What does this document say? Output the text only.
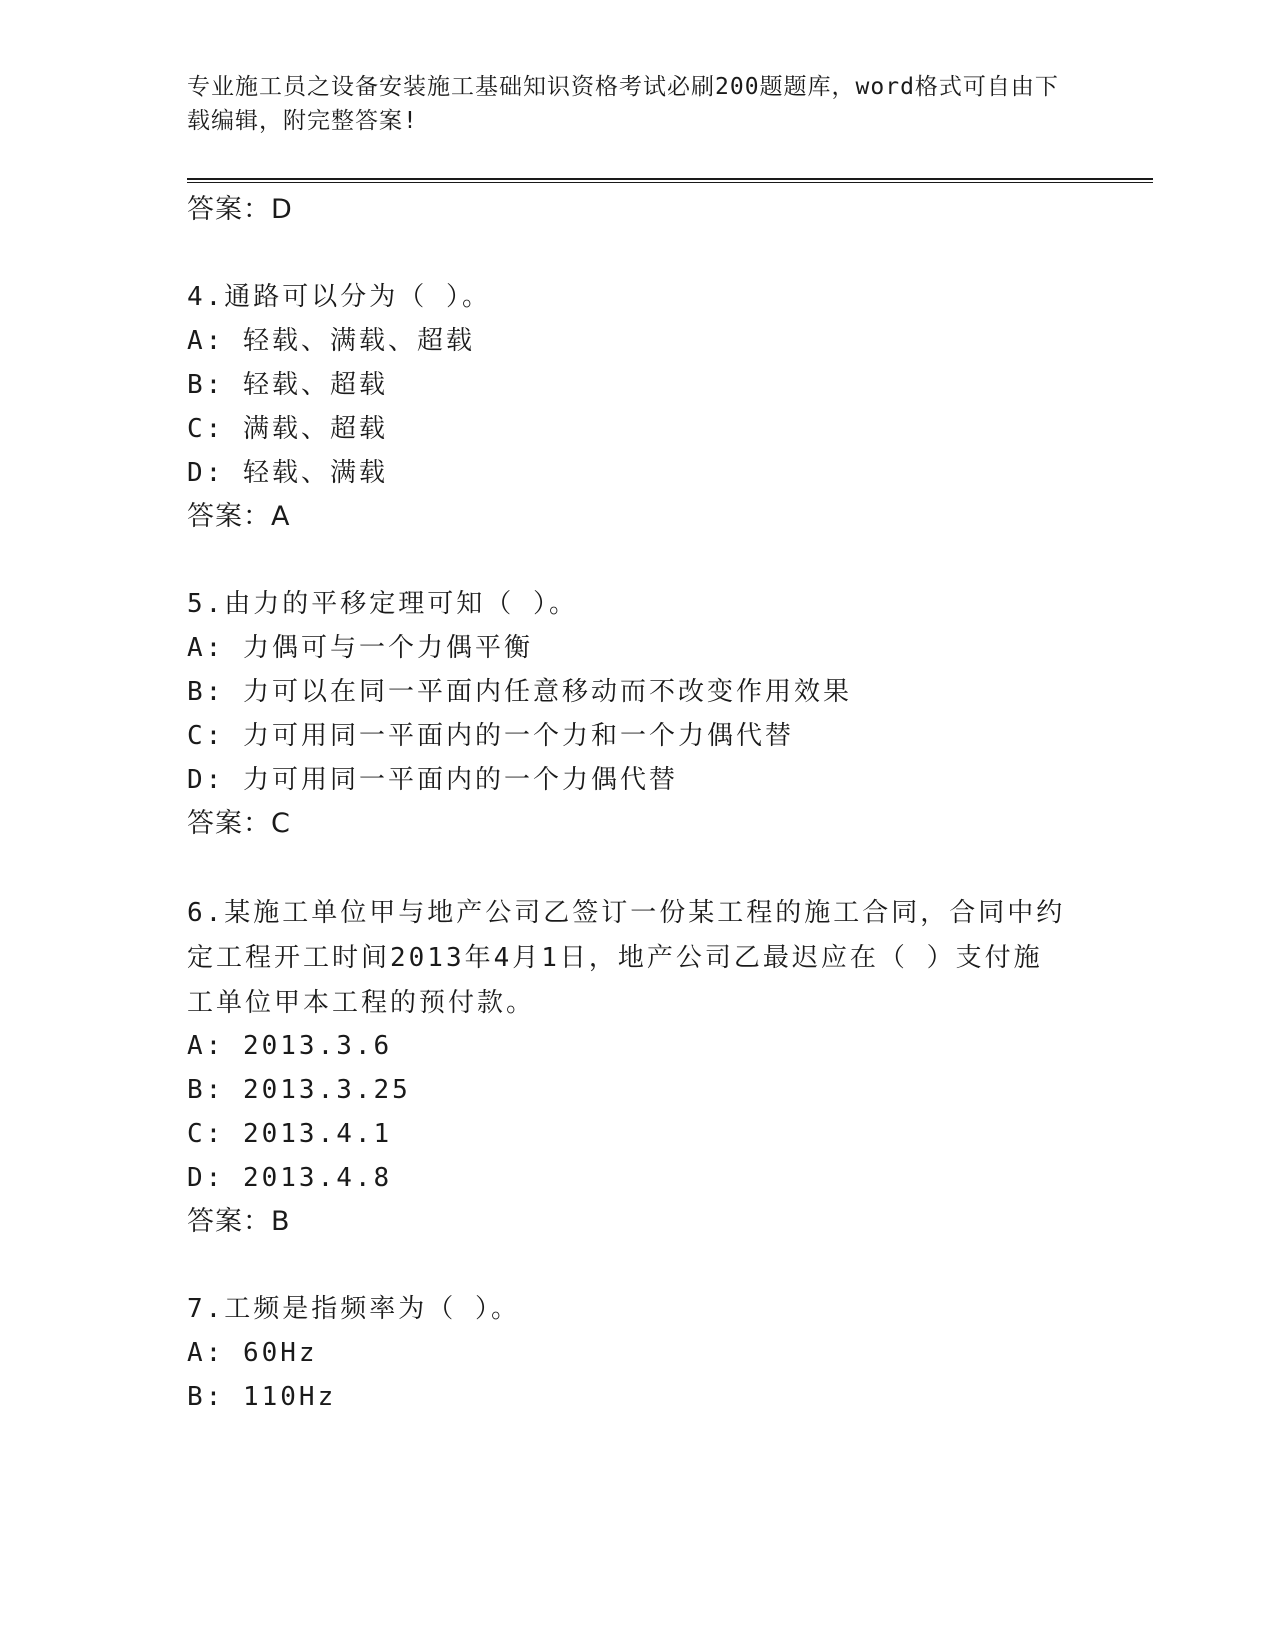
专业施工员之设备安装施工基础知识资格考试必刷200题题库，word格式可自由下载编辑，附完整答案!
答案：D
4.通路可以分为（ ）。
A: 轻载、满载、超载
B: 轻载、超载
C: 满载、超载
D: 轻载、满载
答案：A
5.由力的平移定理可知（ ）。
A: 力偶可与一个力偶平衡
B: 力可以在同一平面内任意移动而不改变作用效果
C: 力可用同一平面内的一个力和一个力偶代替
D: 力可用同一平面内的一个力偶代替
答案：C
6.某施工单位甲与地产公司乙签订一份某工程的施工合同，合同中约定工程开工时间2013年4月1日，地产公司乙最迟应在（ ）支付施工单位甲本工程的预付款。
A: 2013.3.6
B: 2013.3.25
C: 2013.4.1
D: 2013.4.8
答案：B
7.工频是指频率为（ ）。
A: 60Hz
B: 110Hz
